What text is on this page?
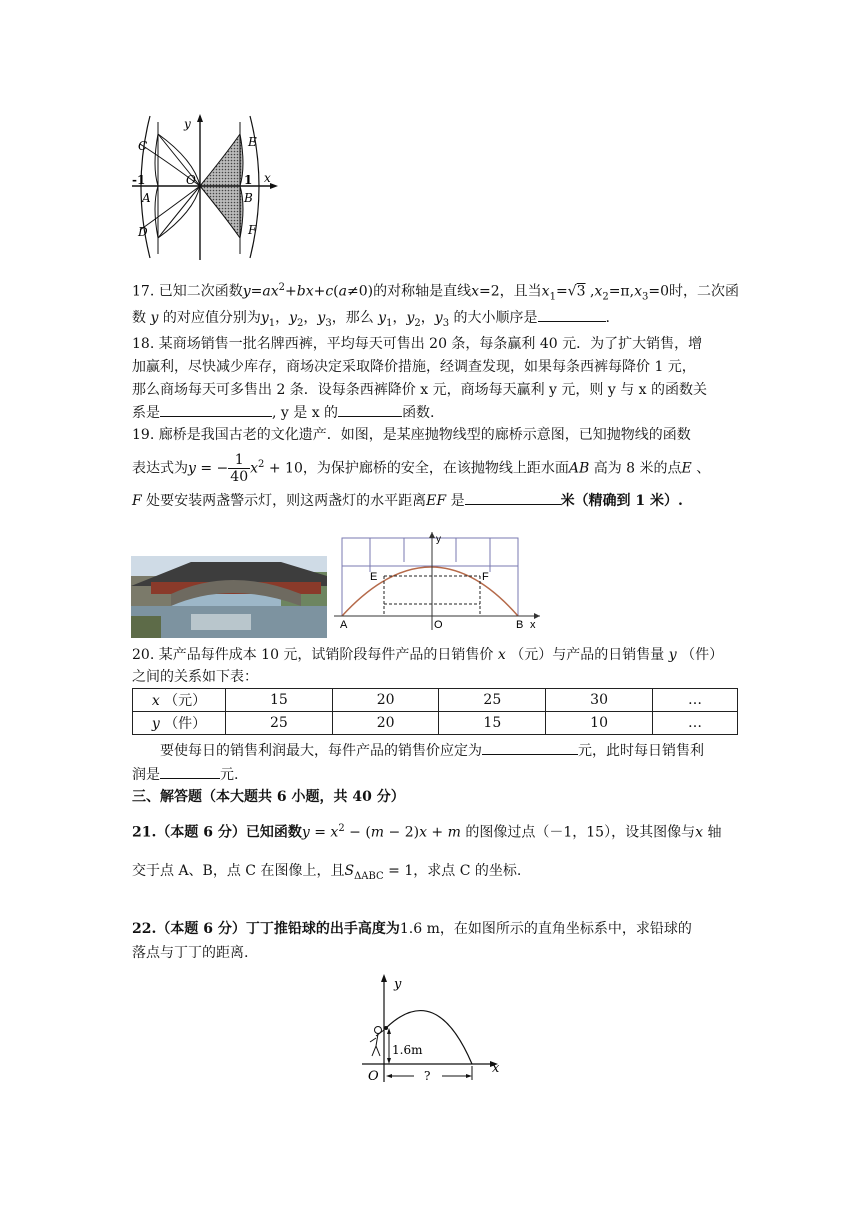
y
x
C	E
O
-1	1
A	B
D	F
17. 已知二次函数$y=ax^2+bx+c(a\ne 0)$的对称轴是直线x=2，且当$x_1=√3$ $,x_2=\pi,x_3=0$时，二次函
数 y 的对应值分别为$y_1$，$y_2$，$y_3$，那么 $y_1$，$y_2$，$y_3$ 的大小顺序是	.
18. 某商场销售一批名牌西裤，平均每天可售出 20 条，每条赢利 40 元．为了扩大销售，增
加赢利，尽快减少库存，商场决定采取降价措施，经调查发现，如果每条西裤每降价 1 元，
那么商场每天可多售出 2 条．设每条西裤降价 x 元，商场每天赢利 y 元，则 y 与 x 的函数关
系是	, y 是 x 的	函数.
19. 廊桥是我国古老的文化遗产．如图，是某座抛物线型的廊桥示意图，已知抛物线的函数
表达式为y = − $\frac{1}{40} x^2 + 10$，为保护廊桥的安全，在该抛物线上距水面AB 高为 8 米的点E 、
F 处要安装两盏警示灯，则这两盏灯的水平距离EF 是	米（精确到 1 米）.
y
E	F
A	O	B x
20. 某产品每件成本 10 元，试销阶段每件产品的日销售价 x （元）与产品的日销售量 y （件）
之间的关系如下表：
x （元）	15	20	25	30	…
y （件）	25	20	15	10	…
要使每日的销售利润最大，每件产品的销售价应定为	元，此时每日销售利
润是	元.
三、解答题（本大题共 6 小题，共 40 分）
21.（本题 6 分）已知函数$y = x^2 - (m - 2)x + m$ 的图像过点（－1，15），设其图像与x 轴
交于点 A、B，点 C 在图像上，且$S_{\Delta ABC} = 1$，求点 C 的坐标.
22.（本题 6 分）丁丁推铅球的出手高度为1.6 m，在如图所示的直角坐标系中，求铅球的
落点与丁丁的距离.
y
x
O
1.6m
?
